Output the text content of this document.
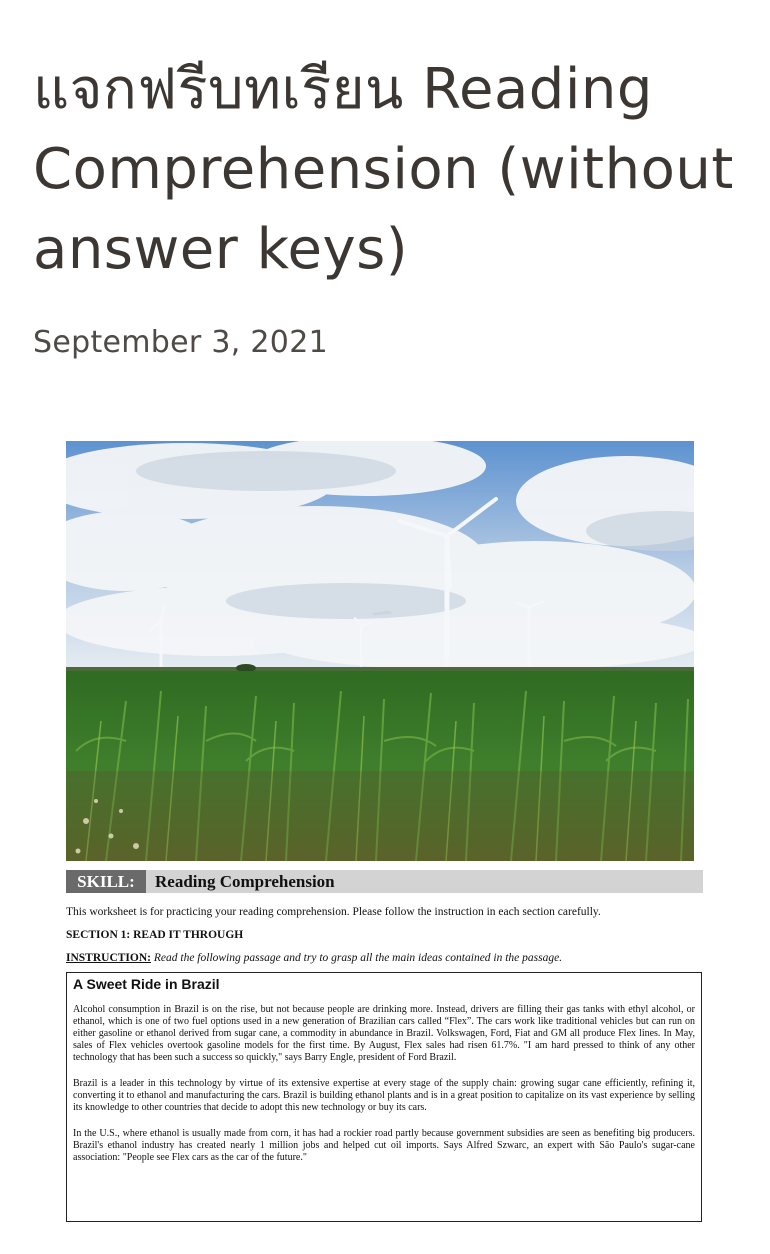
แจกฟรีบทเรียน Reading Comprehension (without answer keys)

September 3, 2021

SKILL:	Reading Comprehension

This worksheet is for practicing your reading comprehension. Please follow the instruction in each section carefully.

SECTION 1: READ IT THROUGH

INSTRUCTION: Read the following passage and try to grasp all the main ideas contained in the passage.

A Sweet Ride in Brazil

Alcohol consumption in Brazil is on the rise, but not because people are drinking more. Instead, drivers are filling their gas tanks with ethyl alcohol, or ethanol, which is one of two fuel options used in a new generation of Brazilian cars called “Flex”. The cars work like traditional vehicles but can run on either gasoline or ethanol derived from sugar cane, a commodity in abundance in Brazil. Volkswagen, Ford, Fiat and GM all produce Flex lines. In May, sales of Flex vehicles overtook gasoline models for the first time. By August, Flex sales had risen 61.7%. "I am hard pressed to think of any other technology that has been such a success so quickly," says Barry Engle, president of Ford Brazil.

Brazil is a leader in this technology by virtue of its extensive expertise at every stage of the supply chain: growing sugar cane efficiently, refining it, converting it to ethanol and manufacturing the cars. Brazil is building ethanol plants and is in a great position to capitalize on its vast experience by selling its knowledge to other countries that decide to adopt this new technology or buy its cars.

In the U.S., where ethanol is usually made from corn, it has had a rockier road partly because government subsidies are seen as benefiting big producers. Brazil's ethanol industry has created nearly 1 million jobs and helped cut oil imports. Says Alfred Szwarc, an expert with São Paulo's sugar-cane association: "People see Flex cars as the car of the future."
